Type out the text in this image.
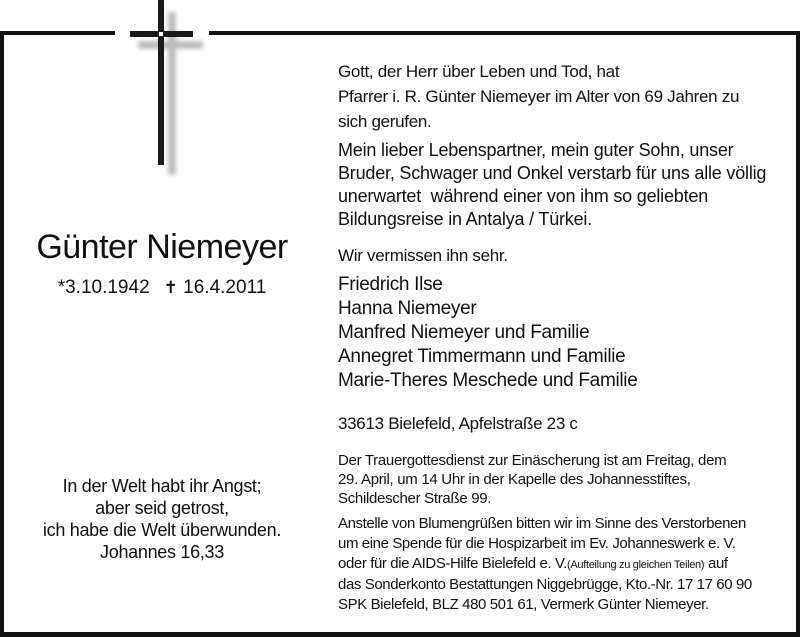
Günter Niemeyer
*3.10.1942 ✝ 16.4.2011
In der Welt habt ihr Angst;
aber seid getrost,
ich habe die Welt überwunden.
Johannes 16,33
Gott, der Herr über Leben und Tod, hat
Pfarrer i. R. Günter Niemeyer im Alter von 69 Jahren zu
sich gerufen.
Mein lieber Lebenspartner, mein guter Sohn, unser
Bruder, Schwager und Onkel verstarb für uns alle völlig
unerwartet  während einer von ihm so geliebten
Bildungsreise in Antalya / Türkei.
Wir vermissen ihn sehr.
Friedrich Ilse
Hanna Niemeyer
Manfred Niemeyer und Familie
Annegret Timmermann und Familie
Marie-Theres Meschede und Familie
33613 Bielefeld, Apfelstraße 23 c
Der Trauergottesdienst zur Einäscherung ist am Freitag, dem
29. April, um 14 Uhr in der Kapelle des Johannesstiftes,
Schildescher Straße 99.
Anstelle von Blumengrüßen bitten wir im Sinne des Verstorbenen
um eine Spende für die Hospizarbeit im Ev. Johanneswerk e. V.
oder für die AIDS-Hilfe Bielefeld e. V.(Aufteilung zu gleichen Teilen) auf
das Sonderkonto Bestattungen Niggebrügge, Kto.-Nr. 17 17 60 90
SPK Bielefeld, BLZ 480 501 61, Vermerk Günter Niemeyer.
